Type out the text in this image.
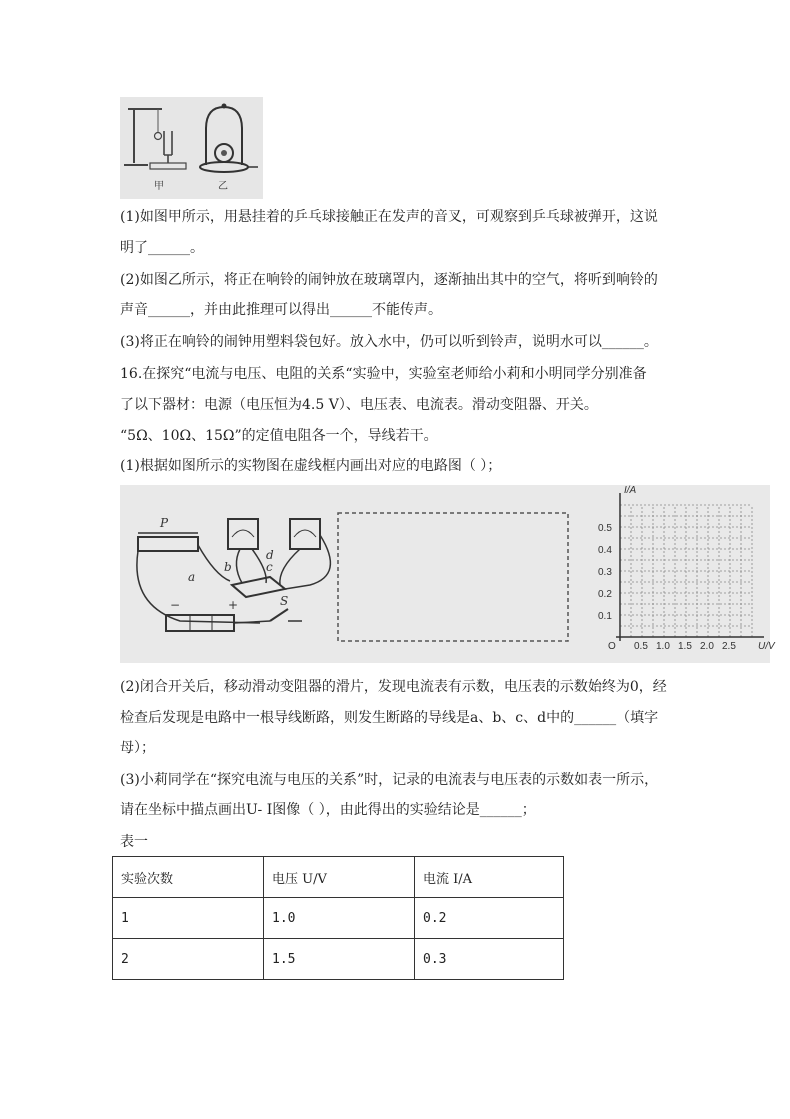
甲	乙
(1)如图甲所示，用悬挂着的乒乓球接触正在发声的音叉，可观察到乒乓球被弹开，这说
明了______。
(2)如图乙所示，将正在响铃的闹钟放在玻璃罩内，逐渐抽出其中的空气，将听到响铃的
声音______，并由此推理可以得出______不能传声。
(3)将正在响铃的闹钟用塑料袋包好。放入水中，仍可以听到铃声，说明水可以______。
16.在探究“电流与电压、电阻的关系“实验中，实验室老师给小莉和小明同学分别准备
了以下器材：电源（电压恒为4.5 V）、电压表、电流表。滑动变阻器、开关。
“5Ω、10Ω、15Ω”的定值电阻各一个，导线若干。
(1)根据如图所示的实物图在虚线框内画出对应的电路图（ ）；
P
a
b	c
d
−	+	S
I/A
U/V
O
0.5
0.4
0.3
0.2
0.1
0.5 1.0 1.5 2.0 2.5
(2)闭合开关后，移动滑动变阻器的滑片，发现电流表有示数，电压表的示数始终为0，经
检查后发现是电路中一根导线断路，则发生断路的导线是a、b、c、d中的______（填字
母）；
(3)小莉同学在“探究电流与电压的关系”时，记录的电流表与电压表的示数如表一所示，
请在坐标中描点画出U- I图像（ ），由此得出的实验结论是______；
表一
实验次数	电压 U/V	电流 I/A
1	1.0	0.2
2	1.5	0.3
